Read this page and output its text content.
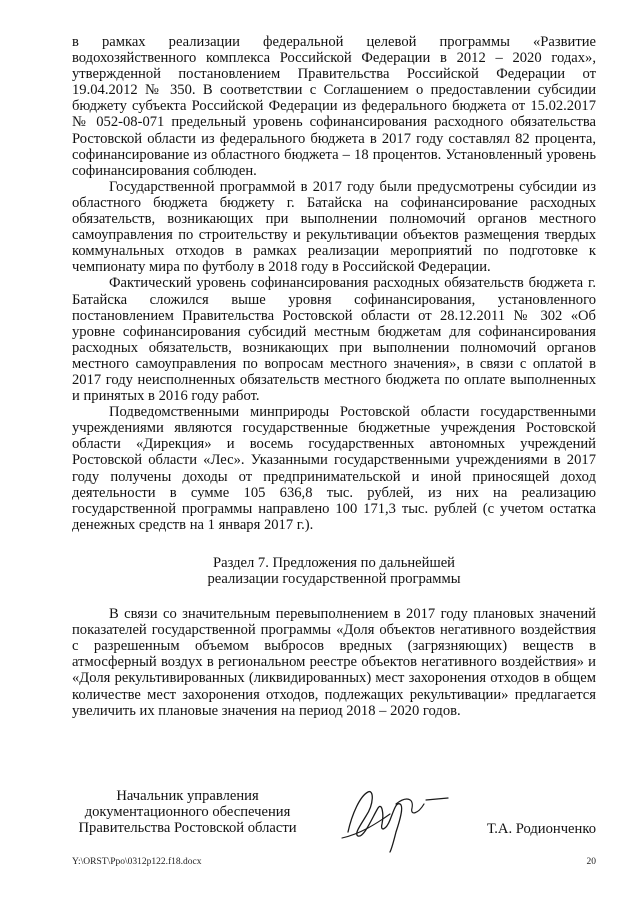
в рамках реализации федеральной целевой программы «Развитие водохозяйственного комплекса Российской Федерации в 2012 – 2020 годах», утвержденной постановлением Правительства Российской Федерации от 19.04.2012 № 350. В соответствии с Соглашением о предоставлении субсидии бюджету субъекта Российской Федерации из федерального бюджета от 15.02.2017 № 052-08-071 предельный уровень софинансирования расходного обязательства Ростовской области из федерального бюджета в 2017 году составлял 82 процента, софинансирование из областного бюджета – 18 процентов. Установленный уровень софинансирования соблюден.

Государственной программой в 2017 году были предусмотрены субсидии из областного бюджета бюджету г. Батайска на софинансирование расходных обязательств, возникающих при выполнении полномочий органов местного самоуправления по строительству и рекультивации объектов размещения твердых коммунальных отходов в рамках реализации мероприятий по подготовке к чемпионату мира по футболу в 2018 году в Российской Федерации.

Фактический уровень софинансирования расходных обязательств бюджета г. Батайска сложился выше уровня софинансирования, установленного постановлением Правительства Ростовской области от 28.12.2011 № 302 «Об уровне софинансирования субсидий местным бюджетам для софинансирования расходных обязательств, возникающих при выполнении полномочий органов местного самоуправления по вопросам местного значения», в связи с оплатой в 2017 году неисполненных обязательств местного бюджета по оплате выполненных и принятых в 2016 году работ.

Подведомственными минприроды Ростовской области государственными учреждениями являются государственные бюджетные учреждения Ростовской области «Дирекция» и восемь государственных автономных учреждений Ростовской области «Лес». Указанными государственными учреждениями в 2017 году получены доходы от предпринимательской и иной приносящей доход деятельности в сумме 105 636,8 тыс. рублей, из них на реализацию государственной программы направлено 100 171,3 тыс. рублей (с учетом остатка денежных средств на 1 января 2017 г.).

Раздел 7. Предложения по дальнейшей
реализации государственной программы

В связи со значительным перевыполнением в 2017 году плановых значений показателей государственной программы «Доля объектов негативного воздействия с разрешенным объемом выбросов вредных (загрязняющих) веществ в атмосферный воздух в региональном реестре объектов негативного воздействия» и «Доля рекультивированных (ликвидированных) мест захоронения отходов в общем количестве мест захоронения отходов, подлежащих рекультивации» предлагается увеличить их плановые значения на период 2018 – 2020 годов.

Начальник управления
документационного обеспечения
Правительства Ростовской области	Т.А. Родионченко
Y:\ORST\Ppo\0312p122.f18.docx	20
